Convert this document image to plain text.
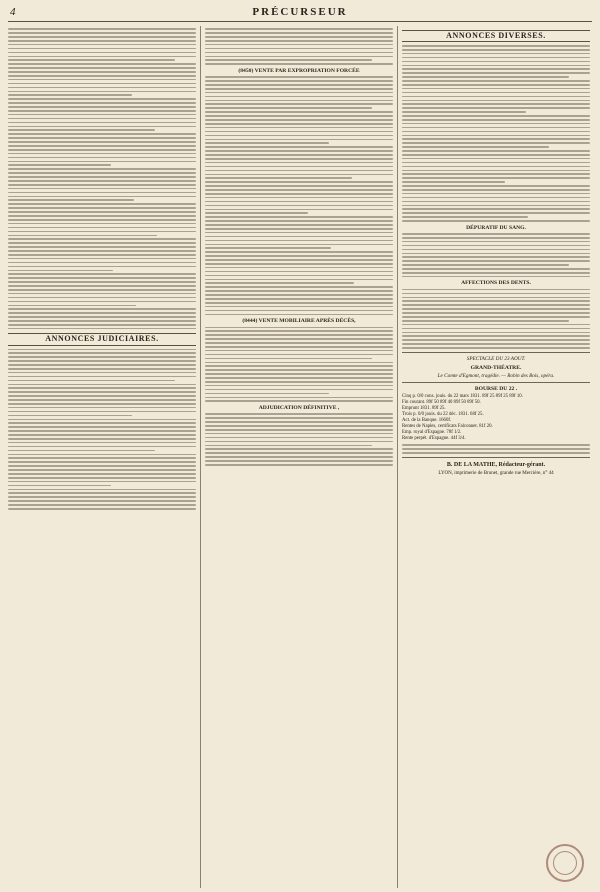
4	PRÉCURSEUR
ANNONCES JUDICIAIRES.
(8450) VENTE PAR EXPROPRIATION FORCÉE
(8444) VENTE MOBILIAIRE APRÈS DÉCÈS,
ADJUDICATION DÉFINITIVE ,
ANNONCES DIVERSES.
DÉPURATIF DU SANG.
AFFECTIONS DES DENTS.
SPECTACLE DU 23 AOUT.
GRAND-THÉATRE.
Le Comte d'Egmont, tragédie. — Robin des Bois, opéra.
BOURSE DU 22 .
Cinq p. 0/0 cons. jouis. du 22 mars 1831. 89f 25 89f 25 89f 10.
Fin courant. 89f 50 89f 40 89f 50 89f 50.
Emprunt 1831. 89f 25.
Trois p. 0/0 jouis. du 22 déc. 1831. 68f 25.
Act. de la Banque. 1660f.
Rentes de Naples, certificats Falconnet. 81f 20.
Emp. royal d'Espagne. 78f 1/2.
Rente perpét. d'Espagne. 44f 3/4.
B. DE LA MATHE, Rédacteur-gérant.
LYON, imprimerie de Brunet, grande rue Mercière, n° 44
